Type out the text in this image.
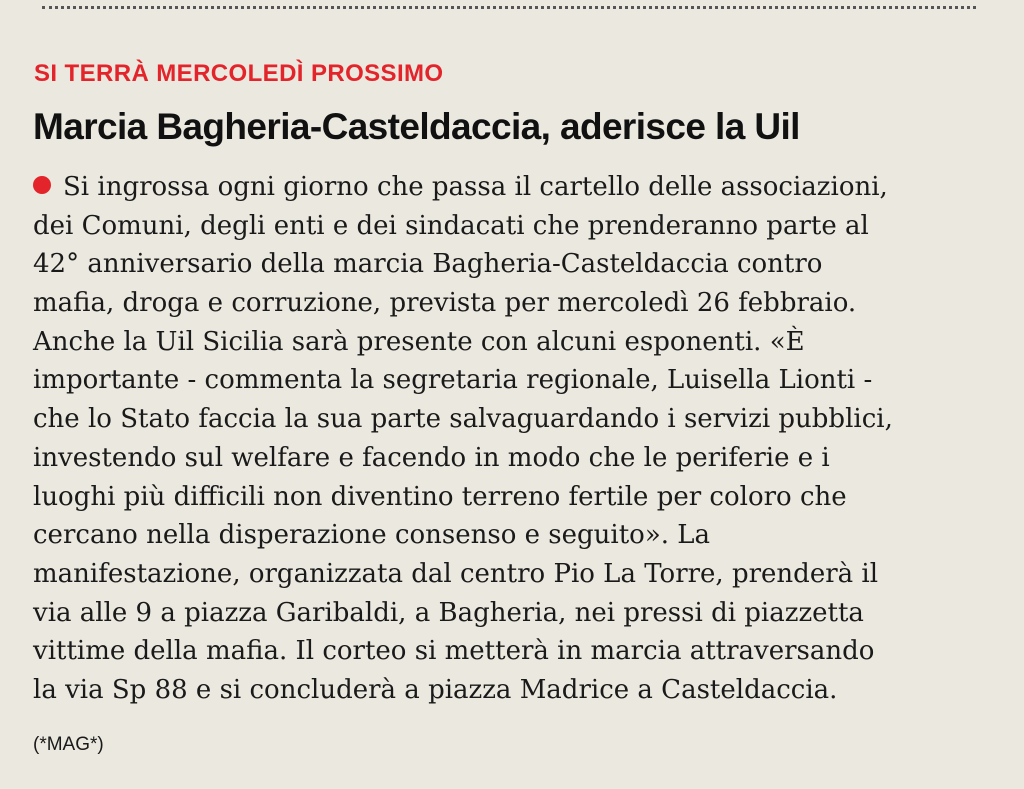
SI TERRÀ MERCOLEDÌ PROSSIMO
Marcia Bagheria-Casteldaccia, aderisce la Uil
Si ingrossa ogni giorno che passa il cartello delle associazioni,
dei Comuni, degli enti e dei sindacati che prenderanno parte al
42° anniversario della marcia Bagheria-Casteldaccia contro
mafia, droga e corruzione, prevista per mercoledì 26 febbraio.
Anche la Uil Sicilia sarà presente con alcuni esponenti. «È
importante - commenta la segretaria regionale, Luisella Lionti -
che lo Stato faccia la sua parte salvaguardando i servizi pubblici,
investendo sul welfare e facendo in modo che le periferie e i
luoghi più difficili non diventino terreno fertile per coloro che
cercano nella disperazione consenso e seguito». La
manifestazione, organizzata dal centro Pio La Torre, prenderà il
via alle 9 a piazza Garibaldi, a Bagheria, nei pressi di piazzetta
vittime della mafia. Il corteo si metterà in marcia attraversando
la via Sp 88 e si concluderà a piazza Madrice a Casteldaccia.
(*MAG*)
